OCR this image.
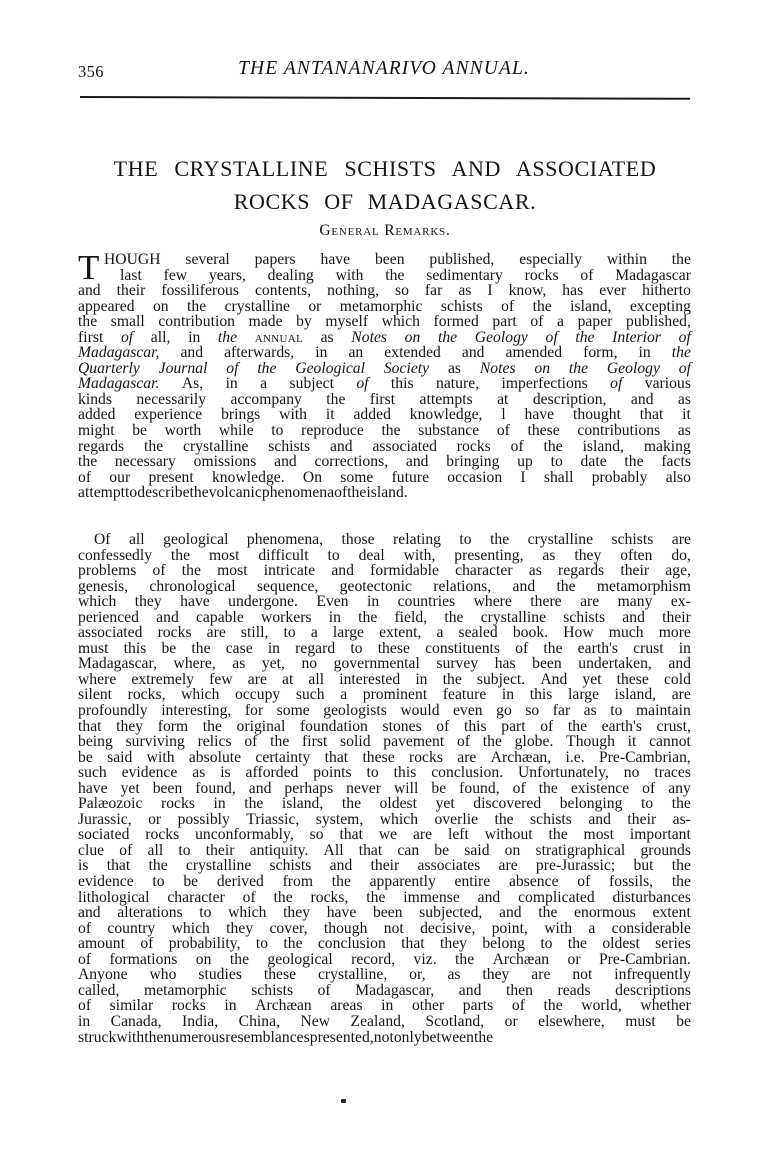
356	THE ANTANANARIVO ANNUAL.
THE CRYSTALLINE SCHISTS AND ASSOCIATED
ROCKS OF MADAGASCAR.
General Remarks.
HOUGH several papers have been published, especially within the
last few years, dealing with the sedimentary rocks of Madagascar
and their fossiliferous contents, nothing, so far as I know, has ever hitherto
appeared on the crystalline or metamorphic schists of the island, excepting
the small contribution made by myself which formed part of a paper published,
first of all, in the annual as Notes on the Geology of the Interior of
Madagascar, and afterwards, in an extended and amended form, in the
Quarterly Journal of the Geological Society as Notes on the Geology of
Madagascar. As, in a subject of this nature, imperfections of various
kinds necessarily accompany the first attempts at description, and as
added experience brings with it added knowledge, l have thought that it
might be worth while to reproduce the substance of these contributions as
regards the crystalline schists and associated rocks of the island, making
the necessary omissions and corrections, and bringing up to date the facts
of our present knowledge. On some future occasion I shall probably also
attempt to describe the volcanic phenomena of the island.
T
Of all geological phenomena, those relating to the crystalline schists are
confessedly the most difficult to deal with, presenting, as they often do,
problems of the most intricate and formidable character as regards their age,
genesis, chronological sequence, geotectonic relations, and the metamorphism
which they have undergone. Even in countries where there are many ex-
perienced and capable workers in the field, the crystalline schists and their
associated rocks are still, to a large extent, a sealed book. How much more
must this be the case in regard to these constituents of the earth's crust in
Madagascar, where, as yet, no governmental survey has been undertaken, and
where extremely few are at all interested in the subject. And yet these cold
silent rocks, which occupy such a prominent feature in this large island, are
profoundly interesting, for some geologists would even go so far as to maintain
that they form the original foundation stones of this part of the earth's crust,
being surviving relics of the first solid pavement of the globe. Though it cannot
be said with absolute certainty that these rocks are Archæan, i.e. Pre-Cambrian,
such evidence as is afforded points to this conclusion. Unfortunately, no traces
have yet been found, and perhaps never will be found, of the existence of any
Palæozoic rocks in the island, the oldest yet discovered belonging to the
Jurassic, or possibly Triassic, system, which overlie the schists and their as-
sociated rocks unconformably, so that we are left without the most important
clue of all to their antiquity. All that can be said on stratigraphical grounds
is that the crystalline schists and their associates are pre-Jurassic; but the
evidence to be derived from the apparently entire absence of fossils, the
lithological character of the rocks, the immense and complicated disturbances
and alterations to which they have been subjected, and the enormous extent
of country which they cover, though not decisive, point, with a considerable
amount of probability, to the conclusion that they belong to the oldest series
of formations on the geological record, viz. the Archæan or Pre-Cambrian.
Anyone who studies these crystalline, or, as they are not infrequently
called, metamorphic schists of Madagascar, and then reads descriptions
of similar rocks in Archæan areas in other parts of the world, whether
in Canada, India, China, New Zealand, Scotland, or elsewhere, must be
struck with the numerous resemblances presented, not only between the
